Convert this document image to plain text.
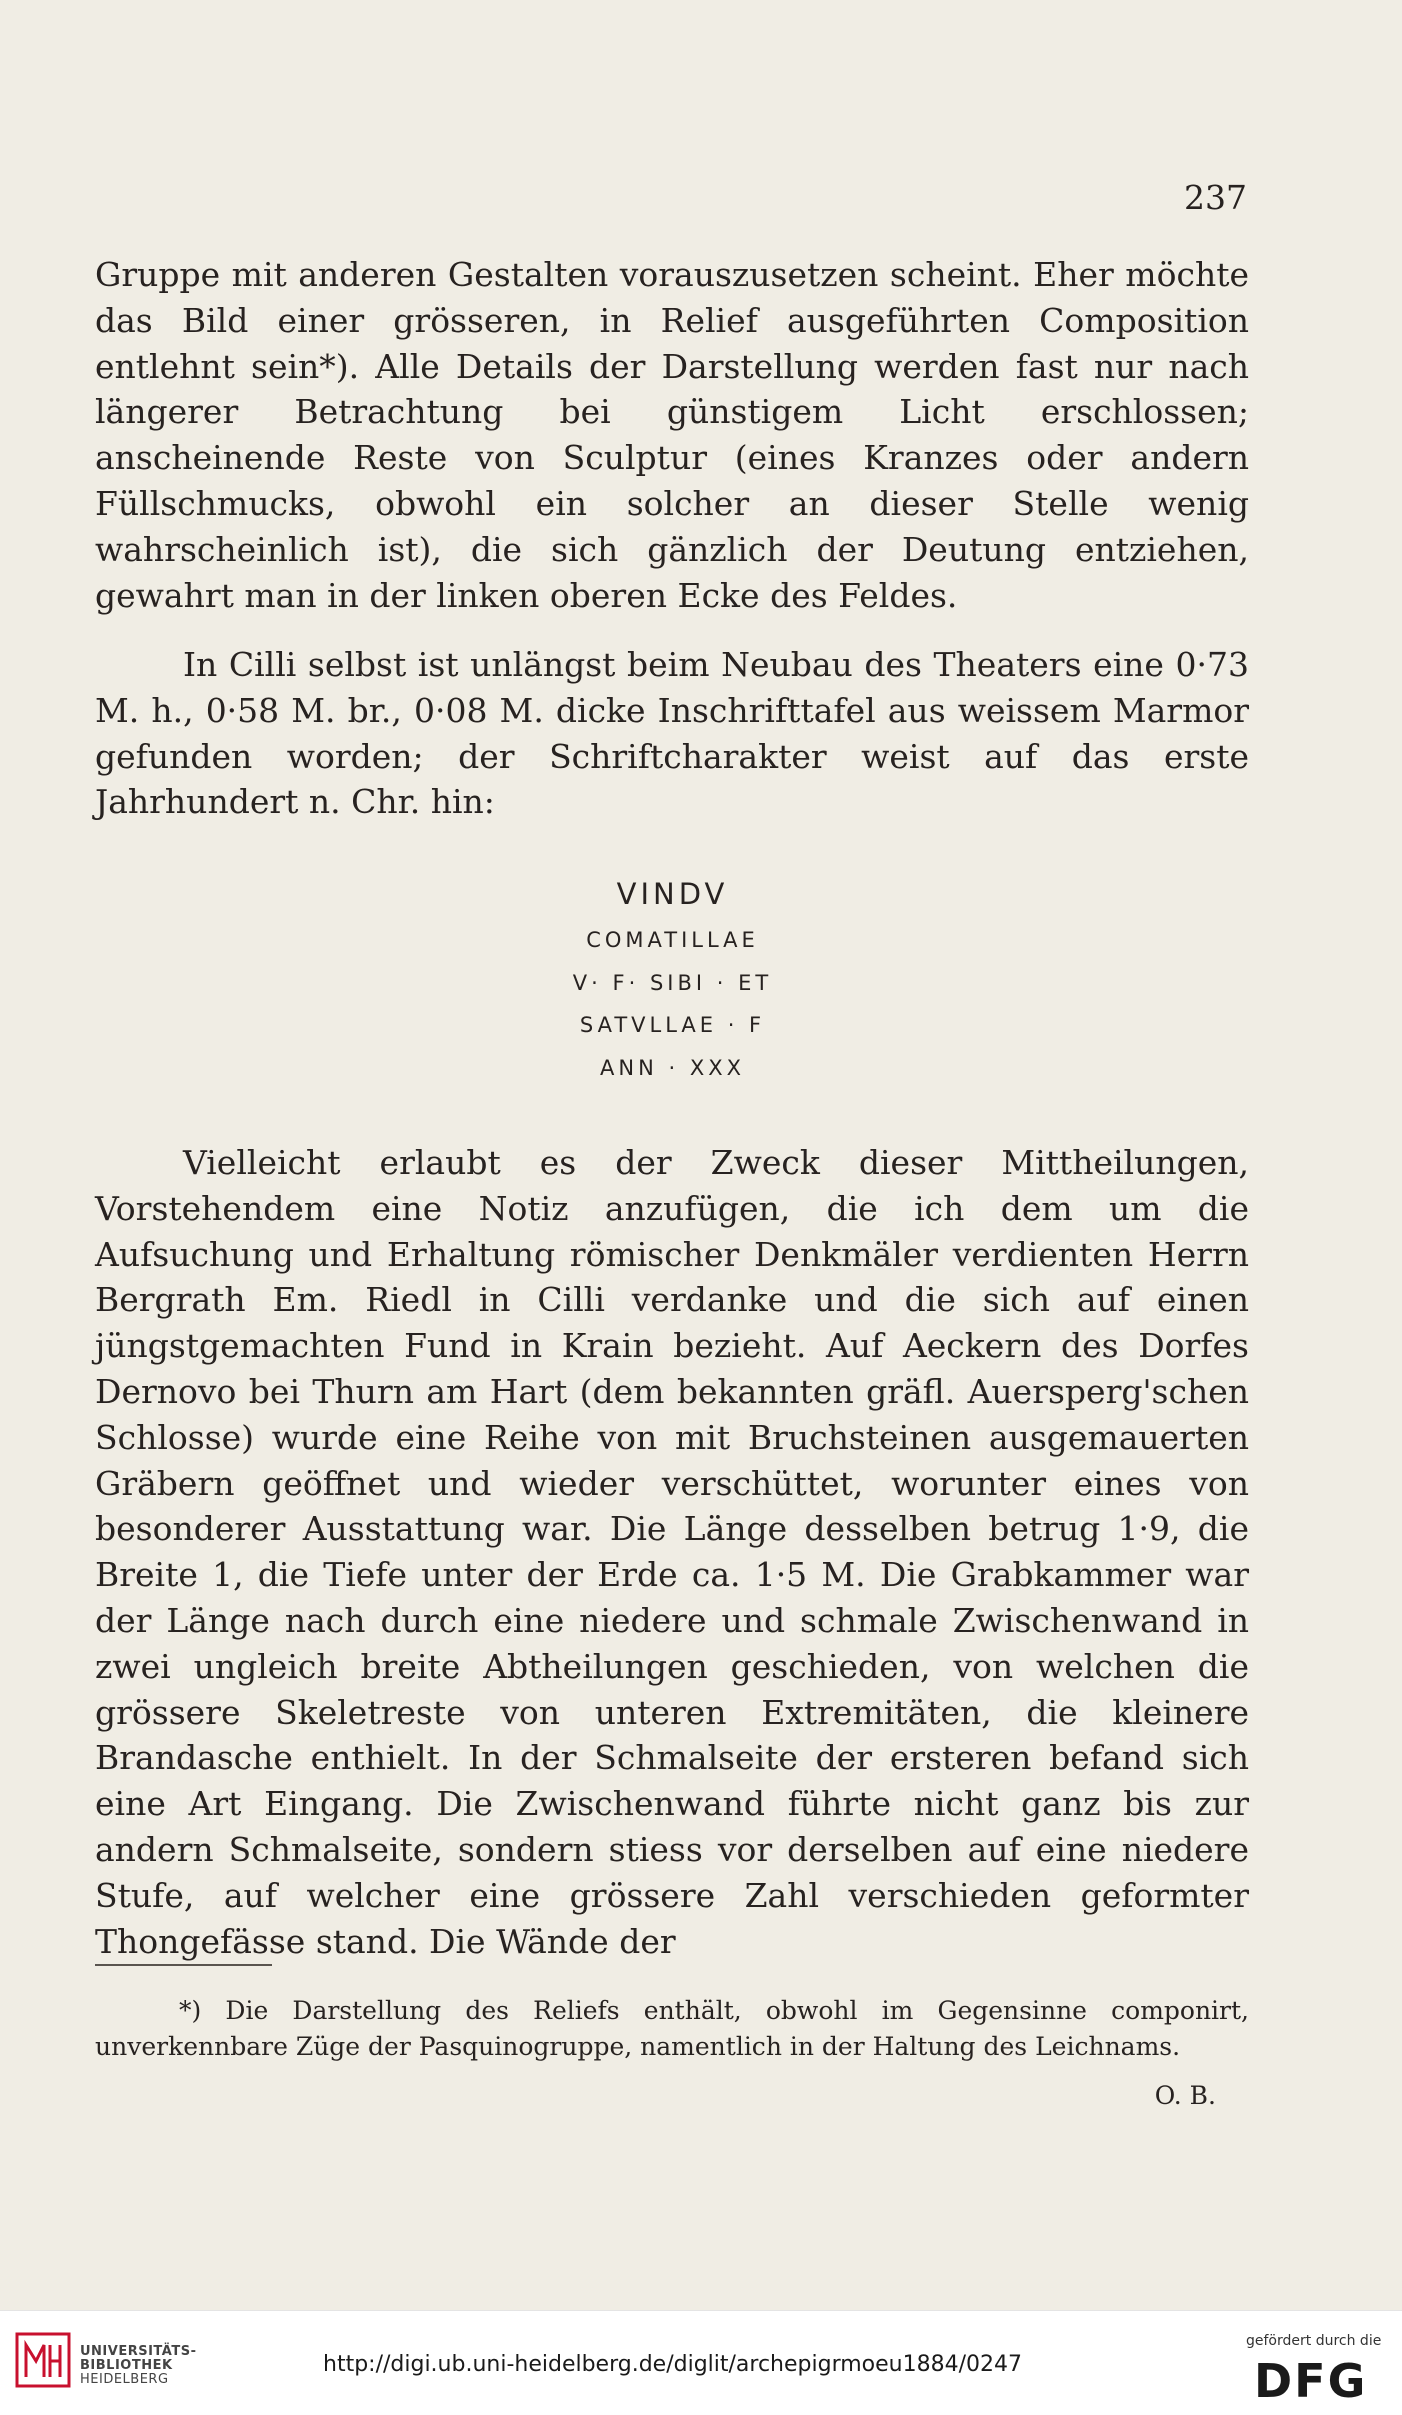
237

Gruppe mit anderen Gestalten vorauszusetzen scheint. Eher möchte das Bild einer grösseren, in Relief ausgeführten Composition entlehnt sein*). Alle Details der Darstellung werden fast nur nach längerer Betrachtung bei günstigem Licht erschlossen; anscheinende Reste von Sculptur (eines Kranzes oder andern Füllschmucks, obwohl ein solcher an dieser Stelle wenig wahrscheinlich ist), die sich gänzlich der Deutung entziehen, gewahrt man in der linken oberen Ecke des Feldes.

In Cilli selbst ist unlängst beim Neubau des Theaters eine 0·73 M. h., 0·58 M. br., 0·08 M. dicke Inschrifttafel aus weissem Marmor gefunden worden; der Schriftcharakter weist auf das erste Jahrhundert n. Chr. hin:

VINDV

COMATILLAE

V· F· SIBI · ET

SATVLLAE · F

ANN · XXX

Vielleicht erlaubt es der Zweck dieser Mittheilungen, Vorstehendem eine Notiz anzufügen, die ich dem um die Aufsuchung und Erhaltung römischer Denkmäler verdienten Herrn Bergrath Em. Riedl in Cilli verdanke und die sich auf einen jüngstgemachten Fund in Krain bezieht. Auf Aeckern des Dorfes Dernovo bei Thurn am Hart (dem bekannten gräfl. Auersperg'schen Schlosse) wurde eine Reihe von mit Bruchsteinen ausgemauerten Gräbern geöffnet und wieder verschüttet, worunter eines von besonderer Ausstattung war. Die Länge desselben betrug 1·9, die Breite 1, die Tiefe unter der Erde ca. 1·5 M. Die Grabkammer war der Länge nach durch eine niedere und schmale Zwischenwand in zwei ungleich breite Abtheilungen geschieden, von welchen die grössere Skeletreste von unteren Extremitäten, die kleinere Brandasche enthielt. In der Schmalseite der ersteren befand sich eine Art Eingang. Die Zwischenwand führte nicht ganz bis zur andern Schmalseite, sondern stiess vor derselben auf eine niedere Stufe, auf welcher eine grössere Zahl verschieden geformter Thongefässe stand. Die Wände der

*) Die Darstellung des Reliefs enthält, obwohl im Gegensinne componirt, unverkennbare Züge der Pasquinogruppe, namentlich in der Haltung des Leichnams.

O. B.

UNIVERSITÄTS-
BIBLIOTHEK
HEIDELBERG
http://digi.ub.uni-heidelberg.de/diglit/archepigrmoeu1884/0247
gefördert durch die
DFG
